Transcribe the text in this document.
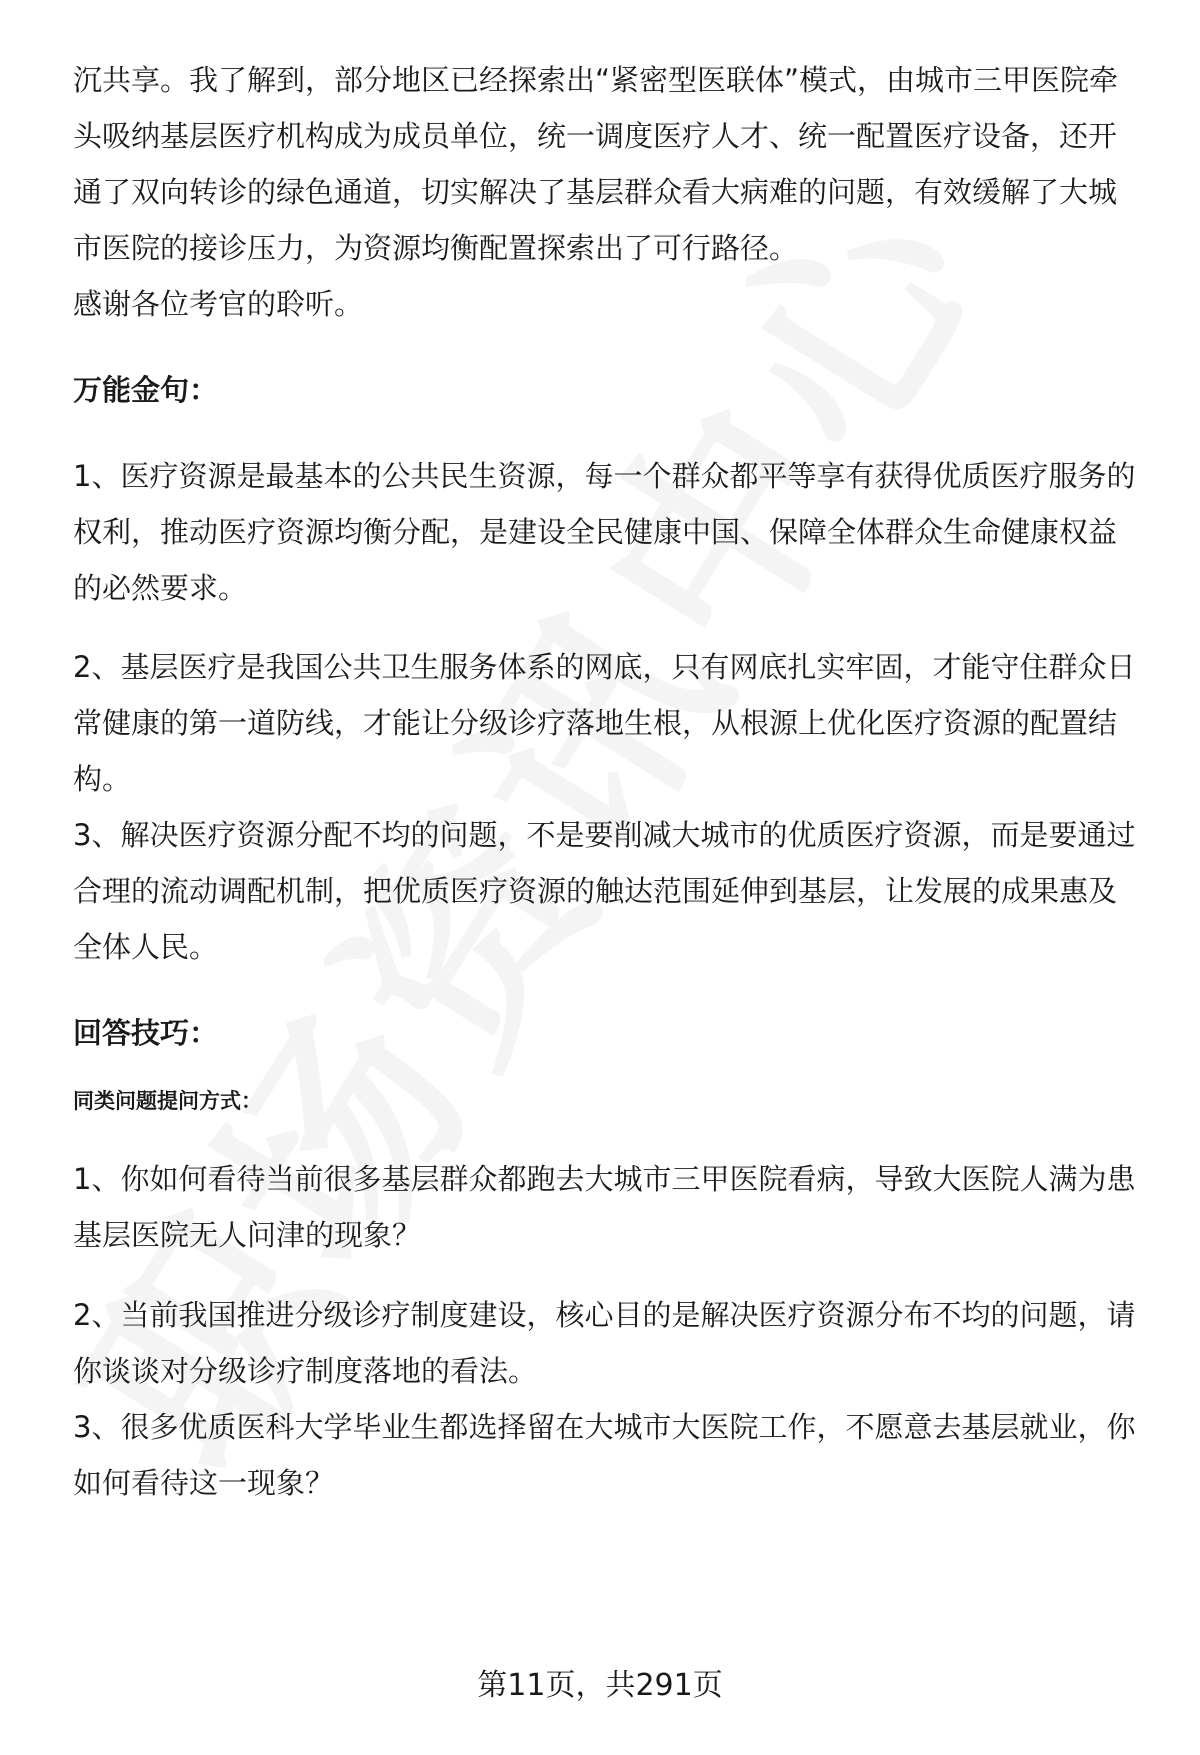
沉共享。我了解到，部分地区已经探索出“紧密型医联体”模式，由城市三甲医院牵头吸纳基层医疗机构成为成员单位，统一调度医疗人才、统一配置医疗设备，还开通了双向转诊的绿色通道，切实解决了基层群众看大病难的问题，有效缓解了大城市医院的接诊压力，为资源均衡配置探索出了可行路径。

感谢各位考官的聆听。

万能金句：

1、医疗资源是最基本的公共民生资源，每一个群众都平等享有获得优质医疗服务的权利，推动医疗资源均衡分配，是建设全民健康中国、保障全体群众生命健康权益的必然要求。

2、基层医疗是我国公共卫生服务体系的网底，只有网底扎实牢固，才能守住群众日常健康的第一道防线，才能让分级诊疗落地生根，从根源上优化医疗资源的配置结构。

3、解决医疗资源分配不均的问题，不是要削减大城市的优质医疗资源，而是要通过合理的流动调配机制，把优质医疗资源的触达范围延伸到基层，让发展的成果惠及全体人民。

回答技巧：

同类问题提问方式：

1、你如何看待当前很多基层群众都跑去大城市三甲医院看病，导致大医院人满为患基层医院无人问津的现象？

2、当前我国推进分级诊疗制度建设，核心目的是解决医疗资源分布不均的问题，请你谈谈对分级诊疗制度落地的看法。

3、很多优质医科大学毕业生都选择留在大城市大医院工作，不愿意去基层就业，你如何看待这一现象？

第11页，共291页
